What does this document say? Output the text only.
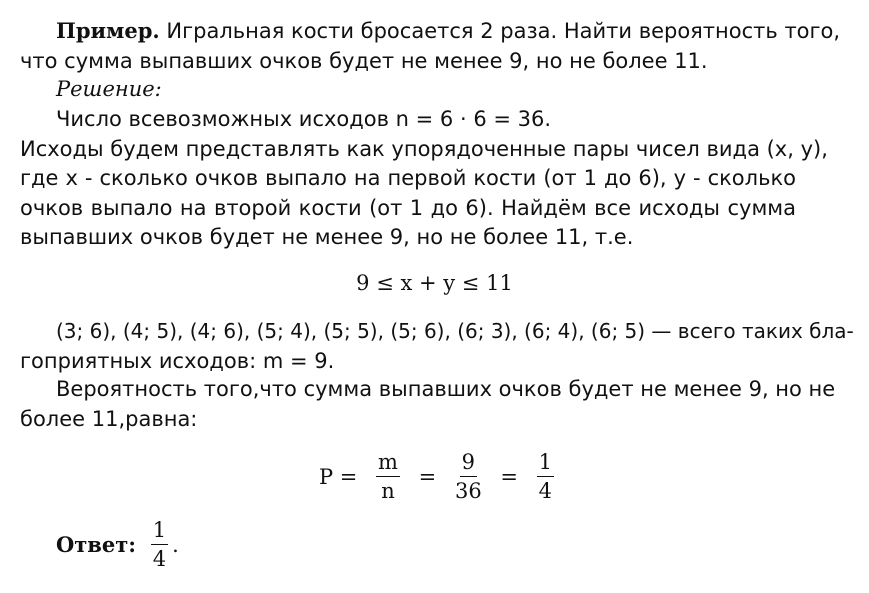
Пример. Игральная кости бросается 2 раза. Найти вероятность того,
что сумма выпавших очков будет не менее 9, но не более 11.
Решение:
Число всевозможных исходов n = 6 · 6 = 36.
Исходы будем представлять как упорядоченные пары чисел вида (x, y),
где x - сколько очков выпало на первой кости (от 1 до 6), y - сколько
очков выпало на второй кости (от 1 до 6). Найдём все исходы сумма
выпавших очков будет не менее 9, но не более 11, т.е.
9 ≤ x + y ≤ 11
(3; 6), (4; 5), (4; 6), (5; 4), (5; 5), (5; 6), (6; 3), (6; 4), (6; 5) — всего таких бла-
гоприятных исходов: m = 9.
Вероятность того,что сумма выпавших очков будет не менее 9, но не
более 11,равна:
$P = \frac{m}{n} = \frac{9}{36} = \frac{1}{4}$
Ответ: $\frac{1}{4}$ .
